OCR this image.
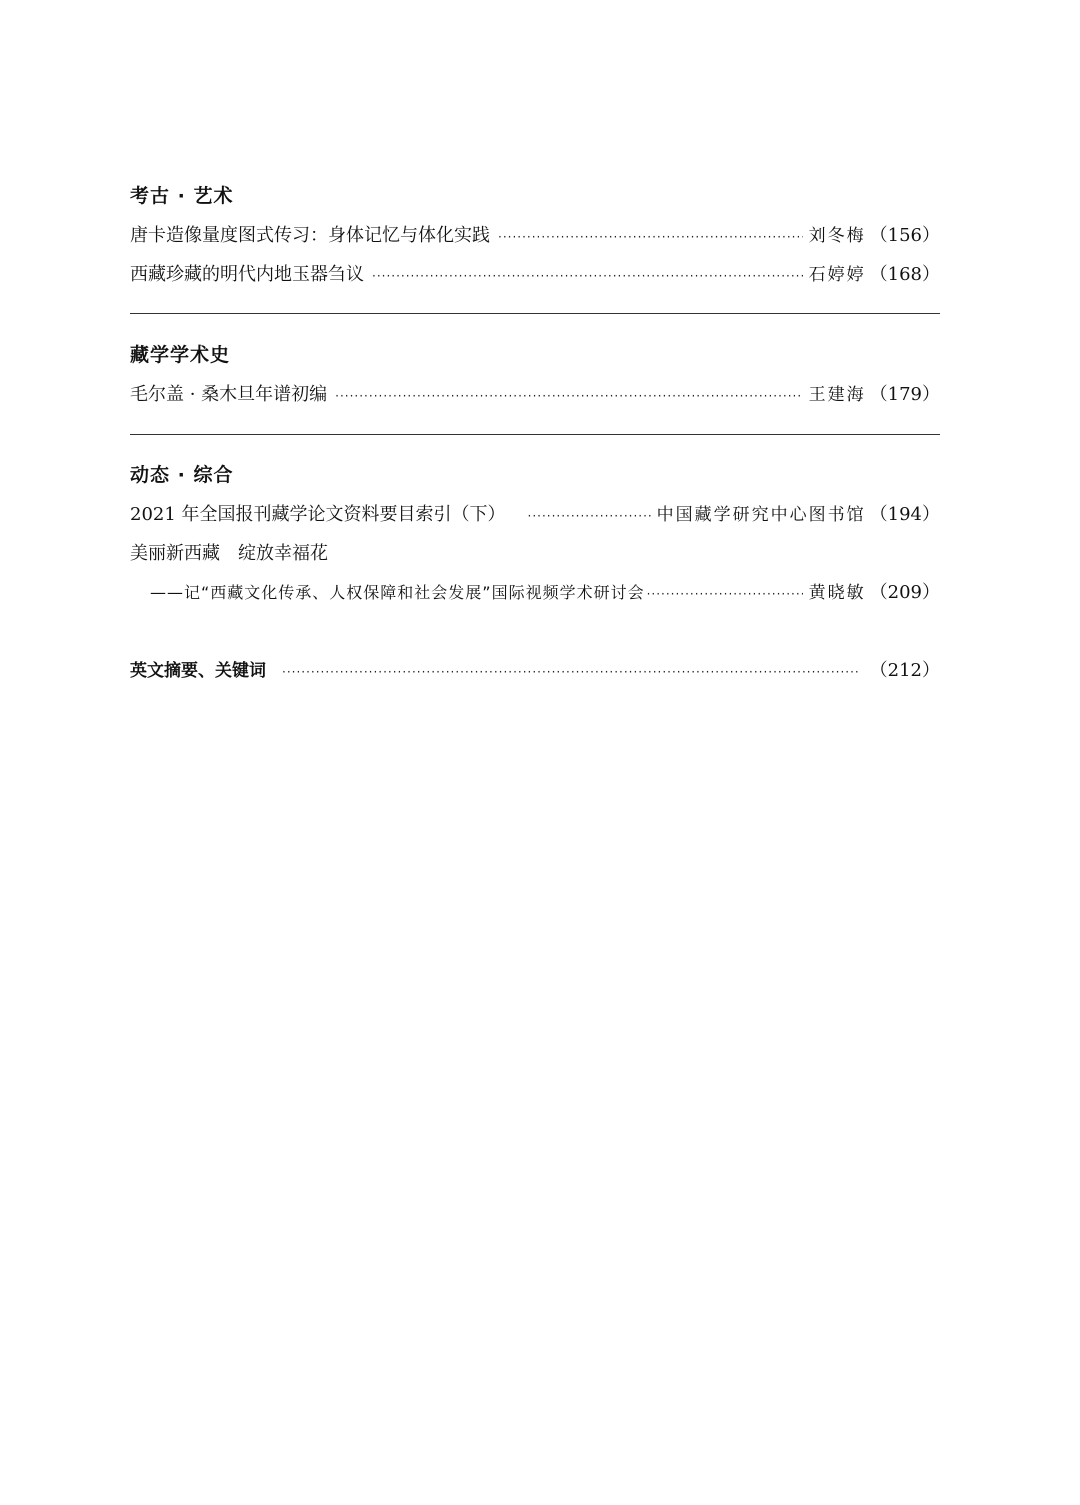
考古 · 艺术
唐卡造像量度图式传习：身体记忆与体化实践 ·····	刘冬梅 （156）
西藏珍藏的明代内地玉器刍议 ·····	石婷婷 （168）
藏学学术史
毛尔盖 · 桑木旦年谱初编 ·····	王建海 （179）
动态 · 综合
2021 年全国报刊藏学论文资料要目索引（下） ·····	中国藏学研究中心图书馆 （194）
美丽新西藏　绽放幸福花
——记“西藏文化传承、人权保障和社会发展”国际视频学术研讨会 ·····	黄晓敏 （209）
英文摘要、关键词 ·····	（212）
